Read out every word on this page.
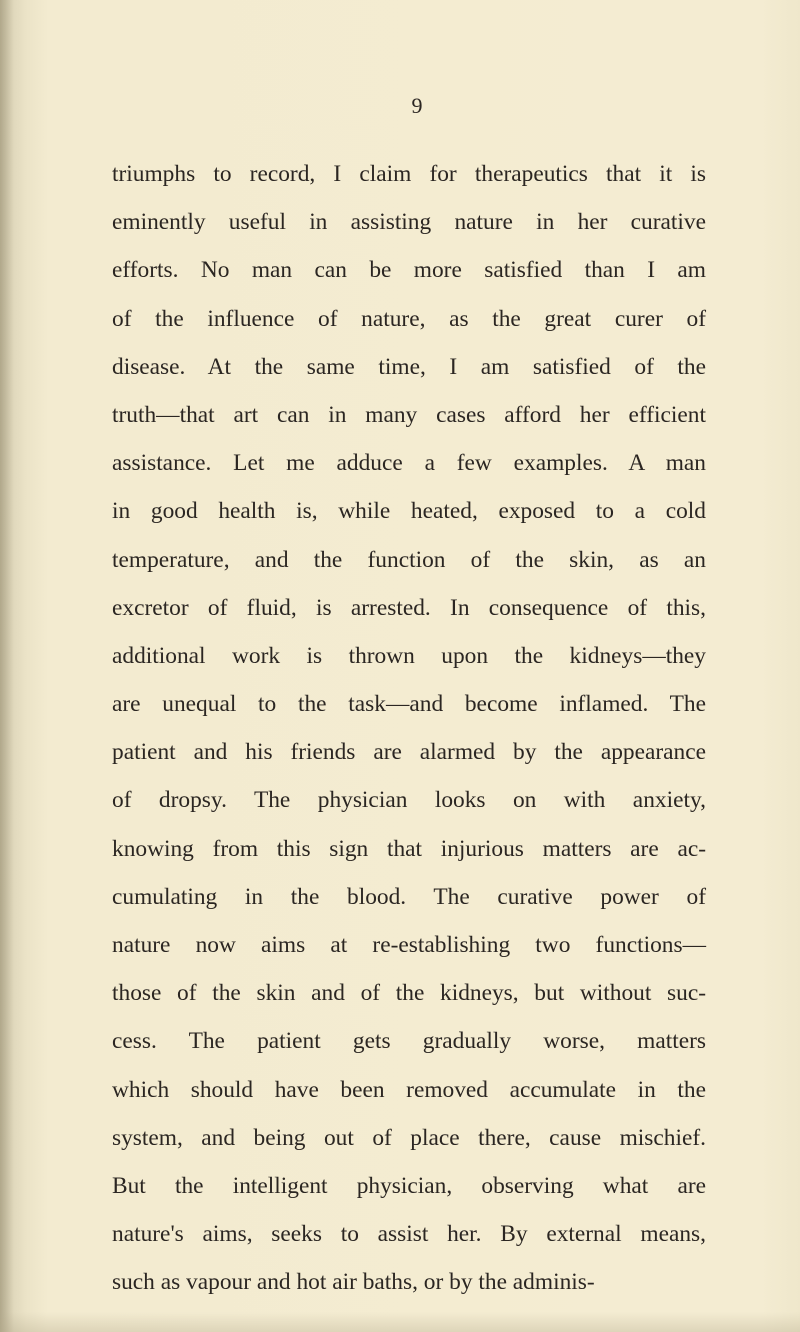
9
triumphs to record, I claim for therapeutics that it is
eminently useful in assisting nature in her curative
efforts. No man can be more satisfied than I am
of the influence of nature, as the great curer of
disease. At the same time, I am satisfied of the
truth—that art can in many cases afford her efficient
assistance. Let me adduce a few examples. A man
in good health is, while heated, exposed to a cold
temperature, and the function of the skin, as an
excretor of fluid, is arrested. In consequence of this,
additional work is thrown upon the kidneys—they
are unequal to the task—and become inflamed. The
patient and his friends are alarmed by the appearance
of dropsy. The physician looks on with anxiety,
knowing from this sign that injurious matters are ac-
cumulating in the blood. The curative power of
nature now aims at re-establishing two functions—
those of the skin and of the kidneys, but without suc-
cess. The patient gets gradually worse, matters
which should have been removed accumulate in the
system, and being out of place there, cause mischief.
But the intelligent physician, observing what are
nature's aims, seeks to assist her. By external means,
such as vapour and hot air baths, or by the adminis-
